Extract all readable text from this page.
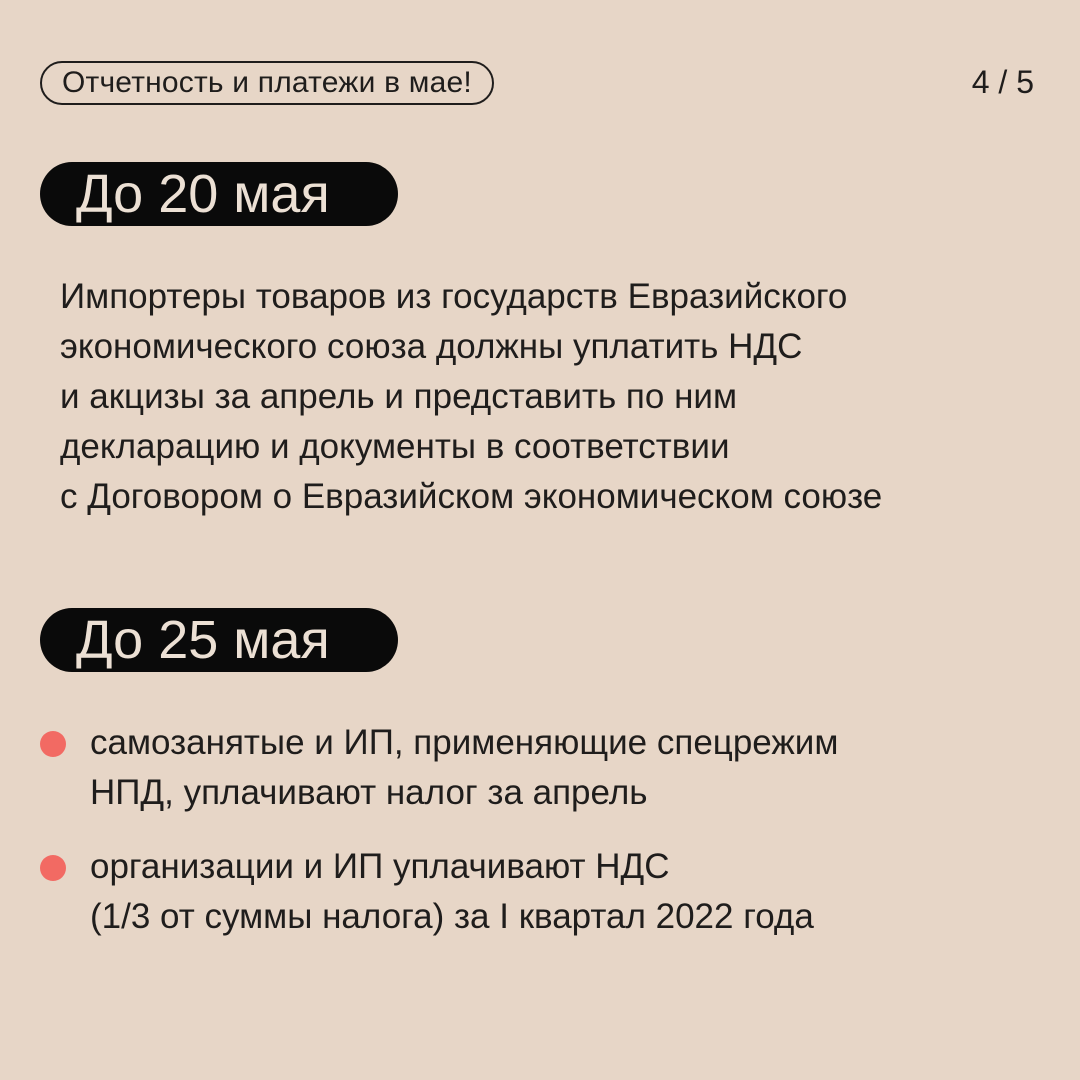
Отчетность и платежи в мае!	4 / 5
До 20 мая

Импортеры товаров из государств Евразийского
экономического союза должны уплатить НДС
и акцизы за апрель и представить по ним
декларацию и документы в соответствии
с Договором о Евразийском экономическом союзе

До 25 мая
самозанятые и ИП, применяющие спецрежим
НПД, уплачивают налог за апрель
организации и ИП уплачивают НДС
(1/3 от суммы налога) за I квартал 2022 года
